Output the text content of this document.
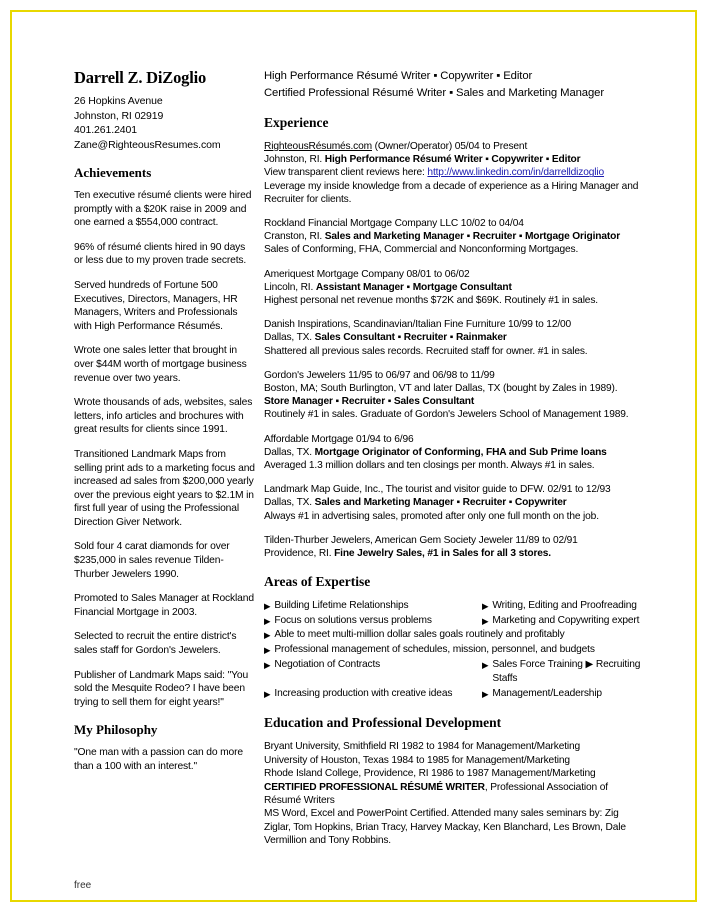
Darrell Z. DiZoglio
26 Hopkins Avenue
Johnston, RI 02919
401.261.2401
Zane@RighteousResumes.com
Achievements
Ten executive résumé clients were hired promptly with a $20K raise in 2009 and one earned a $554,000 contract.
96% of résumé clients hired in 90 days or less due to my proven trade secrets.
Served hundreds of Fortune 500 Executives, Directors, Managers, HR Managers, Writers and Professionals with High Performance Résumés.
Wrote one sales letter that brought in over $44M worth of mortgage business revenue over two years.
Wrote thousands of ads, websites, sales letters, info articles and brochures with great results for clients since 1991.
Transitioned Landmark Maps from selling print ads to a marketing focus and increased ad sales from $200,000 yearly over the previous eight years to $2.1M in first full year of using the Professional Direction Giver Network.
Sold four 4 carat diamonds for over $235,000 in sales revenue Tilden-Thurber Jewelers 1990.
Promoted to Sales Manager at Rockland Financial Mortgage in 2003.
Selected to recruit the entire district's sales staff for Gordon's Jewelers.
Publisher of Landmark Maps said: "You sold the Mesquite Rodeo? I have been trying to sell them for eight years!"
My Philosophy
"One man with a passion can do more than a 100 with an interest."
High Performance Résumé Writer ▪ Copywriter ▪ Editor
Certified Professional Résumé Writer ▪ Sales and Marketing Manager
Experience
RighteousRésumés.com (Owner/Operator) 05/04 to Present
Johnston, RI. High Performance Résumé Writer ▪ Copywriter ▪ Editor
View transparent client reviews here: http://www.linkedin.com/in/darrelldizoglio
Leverage my inside knowledge from a decade of experience as a Hiring Manager and Recruiter for clients.
Rockland Financial Mortgage Company LLC 10/02 to 04/04
Cranston, RI. Sales and Marketing Manager ▪ Recruiter ▪ Mortgage Originator
Sales of Conforming, FHA, Commercial and Nonconforming Mortgages.
Ameriquest Mortgage Company 08/01 to 06/02
Lincoln, RI. Assistant Manager ▪ Mortgage Consultant
Highest personal net revenue months $72K and $69K. Routinely #1 in sales.
Danish Inspirations, Scandinavian/Italian Fine Furniture 10/99 to 12/00
Dallas, TX. Sales Consultant ▪ Recruiter ▪ Rainmaker
Shattered all previous sales records. Recruited staff for owner. #1 in sales.
Gordon's Jewelers 11/95 to 06/97 and 06/98 to 11/99
Boston, MA; South Burlington, VT and later Dallas, TX (bought by Zales in 1989).
Store Manager ▪ Recruiter ▪ Sales Consultant
Routinely #1 in sales. Graduate of Gordon's Jewelers School of Management 1989.
Affordable Mortgage 01/94 to 6/96
Dallas, TX. Mortgage Originator of Conforming, FHA and Sub Prime loans
Averaged 1.3 million dollars and ten closings per month. Always #1 in sales.
Landmark Map Guide, Inc., The tourist and visitor guide to DFW. 02/91 to 12/93
Dallas, TX. Sales and Marketing Manager ▪ Recruiter ▪ Copywriter
Always #1 in advertising sales, promoted after only one full month on the job.
Tilden-Thurber Jewelers, American Gem Society Jeweler 11/89 to 02/91
Providence, RI. Fine Jewelry Sales, #1 in Sales for all 3 stores.
Areas of Expertise
▶ Building Lifetime Relationships	▶ Writing, Editing and Proofreading
▶ Focus on solutions versus problems	▶ Marketing and Copywriting expert
▶ Able to meet multi-million dollar sales goals routinely and profitably
▶ Professional management of schedules, mission, personnel, and budgets
▶ Negotiation of Contracts	▶ Sales Force Training ▶ Recruiting Staffs
▶ Increasing production with creative ideas	▶ Management/Leadership
Education and Professional Development
Bryant University, Smithfield RI 1982 to 1984 for Management/Marketing
University of Houston, Texas 1984 to 1985 for Management/Marketing
Rhode Island College, Providence, RI 1986 to 1987 Management/Marketing
CERTIFIED PROFESSIONAL RÉSUMÉ WRITER, Professional Association of Résumé Writers
MS Word, Excel and PowerPoint Certified. Attended many sales seminars by: Zig Ziglar, Tom Hopkins, Brian Tracy, Harvey Mackay, Ken Blanchard, Les Brown, Dale Vermillion and Tony Robbins.
free
